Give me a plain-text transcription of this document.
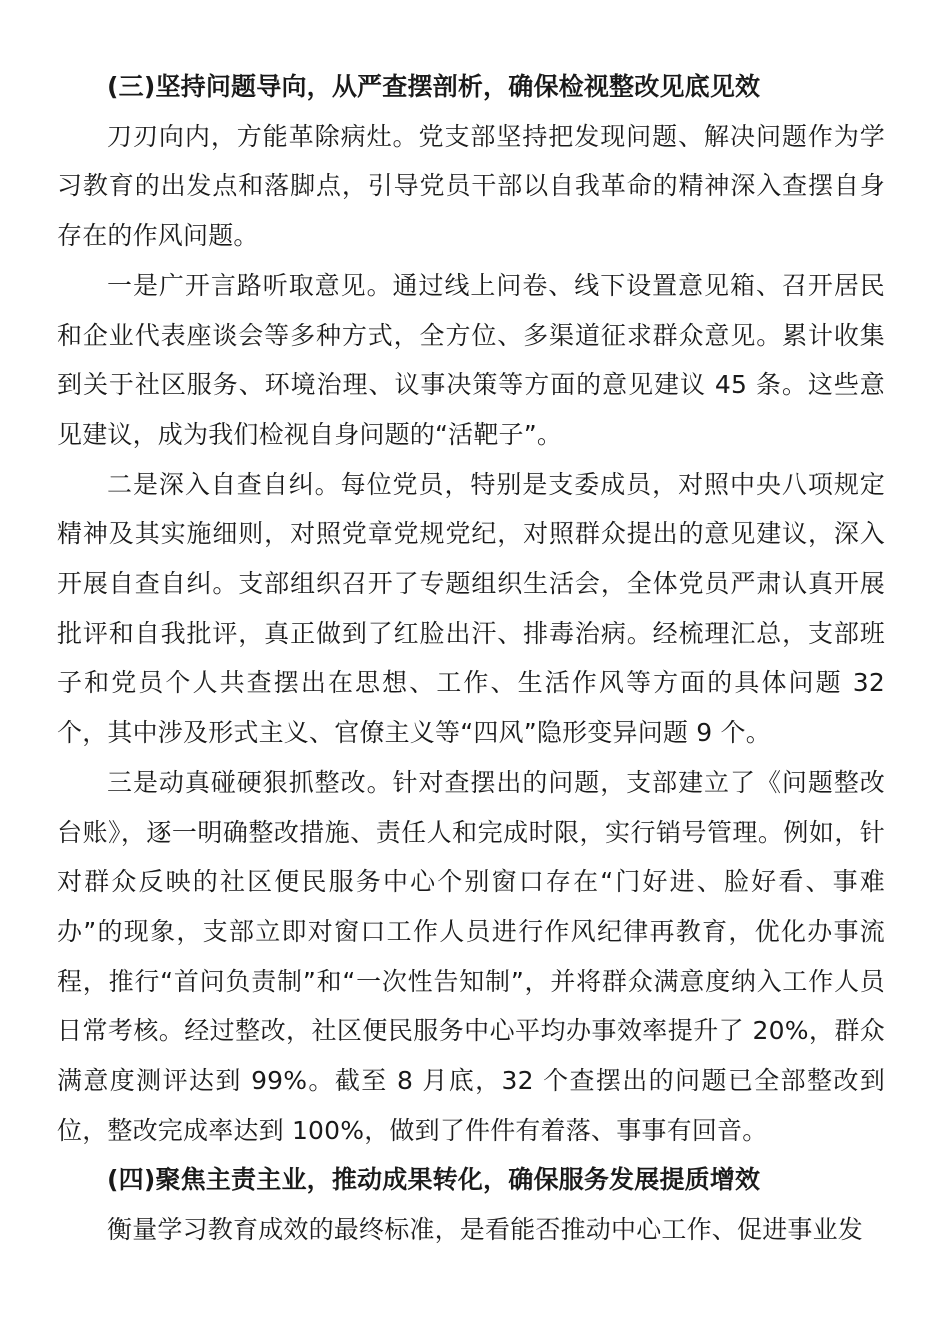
(三)坚持问题导向，从严查摆剖析，确保检视整改见底见效

刀刃向内，方能革除病灶。党支部坚持把发现问题、解决问题作为学习教育的出发点和落脚点，引导党员干部以自我革命的精神深入查摆自身存在的作风问题。

一是广开言路听取意见。通过线上问卷、线下设置意见箱、召开居民和企业代表座谈会等多种方式，全方位、多渠道征求群众意见。累计收集到关于社区服务、环境治理、议事决策等方面的意见建议 45 条。这些意见建议，成为我们检视自身问题的“活靶子”。

二是深入自查自纠。每位党员，特别是支委成员，对照中央八项规定精神及其实施细则，对照党章党规党纪，对照群众提出的意见建议，深入开展自查自纠。支部组织召开了专题组织生活会，全体党员严肃认真开展批评和自我批评，真正做到了红脸出汗、排毒治病。经梳理汇总，支部班子和党员个人共查摆出在思想、工作、生活作风等方面的具体问题 32 个，其中涉及形式主义、官僚主义等“四风”隐形变异问题 9 个。

三是动真碰硬狠抓整改。针对查摆出的问题，支部建立了《问题整改台账》，逐一明确整改措施、责任人和完成时限，实行销号管理。例如，针对群众反映的社区便民服务中心个别窗口存在“门好进、脸好看、事难办”的现象，支部立即对窗口工作人员进行作风纪律再教育，优化办事流程，推行“首问负责制”和“一次性告知制”，并将群众满意度纳入工作人员日常考核。经过整改，社区便民服务中心平均办事效率提升了 20%，群众满意度测评达到 99%。截至 8 月底，32 个查摆出的问题已全部整改到位，整改完成率达到 100%，做到了件件有着落、事事有回音。

(四)聚焦主责主业，推动成果转化，确保服务发展提质增效

衡量学习教育成效的最终标准，是看能否推动中心工作、促进事业发
